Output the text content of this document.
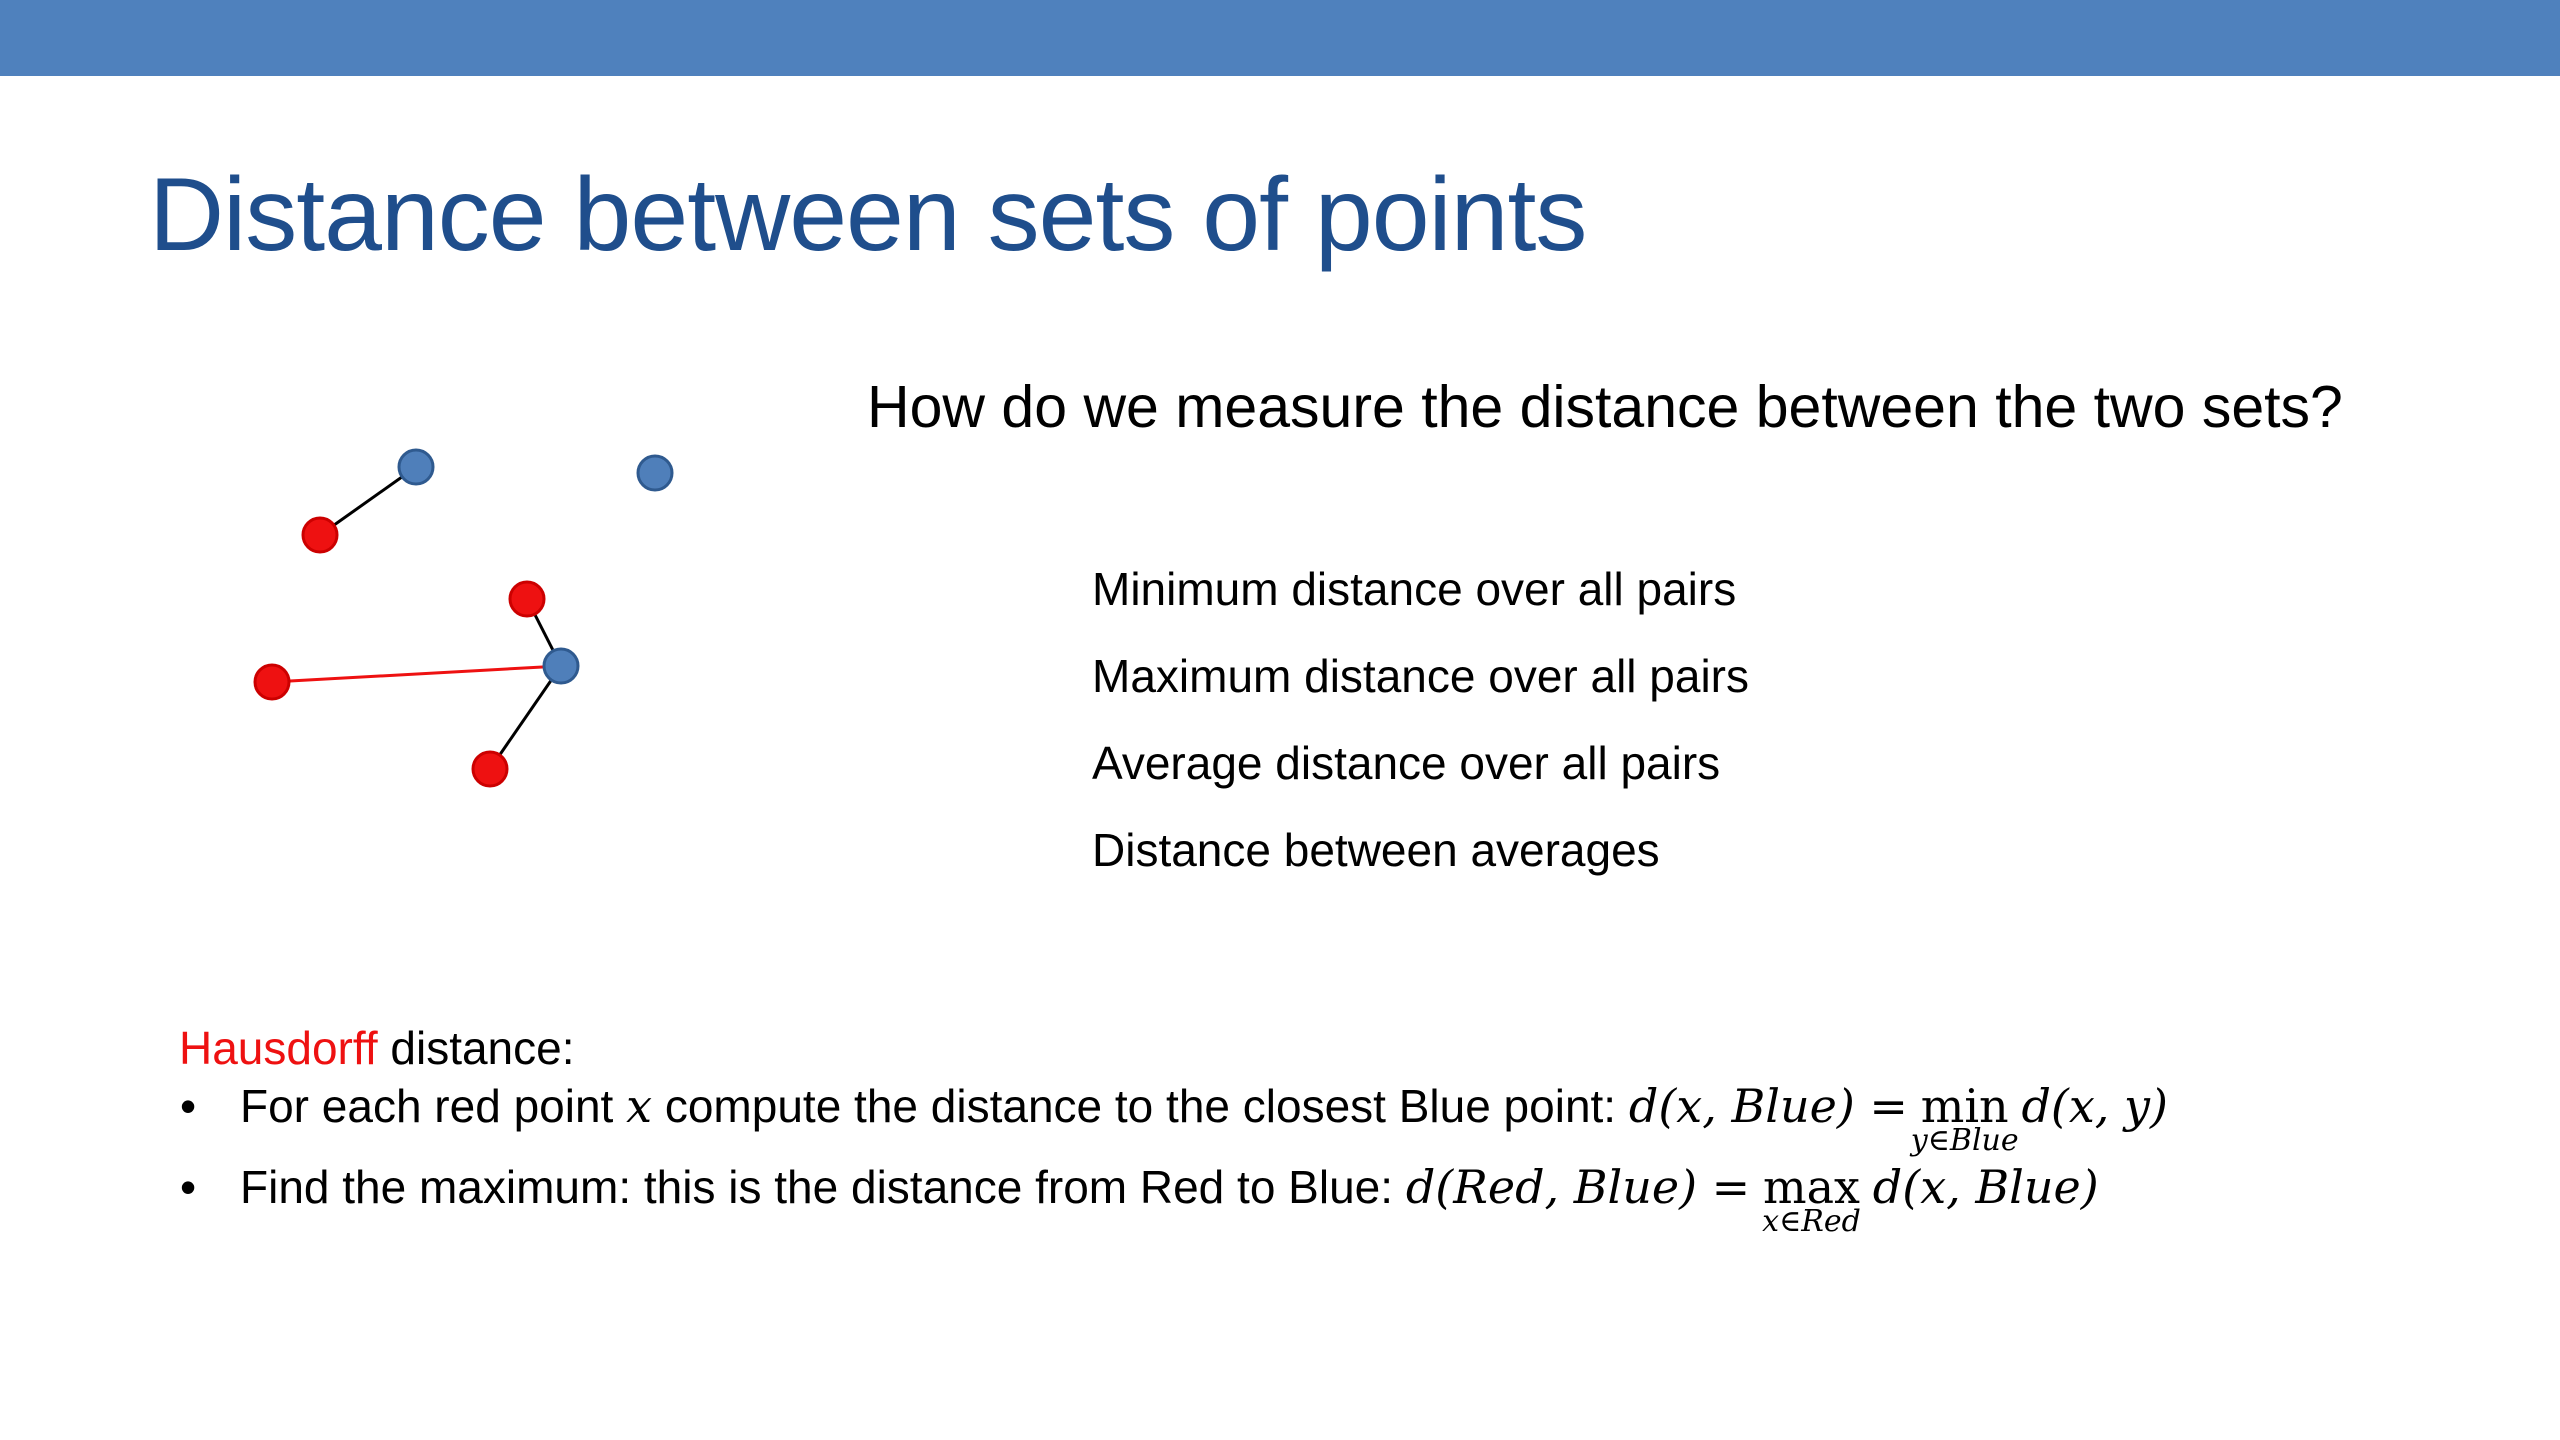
Distance between sets of points
How do we measure the distance between the two sets?
Minimum distance over all pairs
Maximum distance over all pairs
Average distance over all pairs
Distance between averages
Hausdorff distance:
• For each red point x compute the distance to the closest Blue point: d(x, Blue) = min
y∈Blue
d(x, y)
• Find the maximum: this is the distance from Red to Blue: d(Red, Blue) = max
x∈Red
d(x, Blue)
